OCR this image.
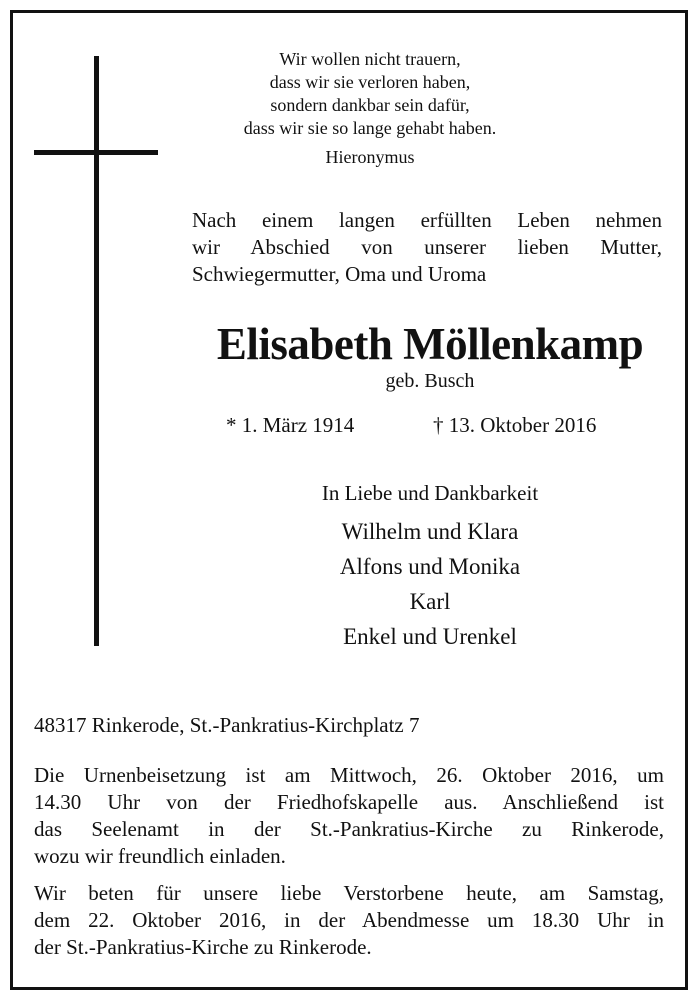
Wir wollen nicht trauern,
dass wir sie verloren haben,
sondern dankbar sein dafür,
dass wir sie so lange gehabt haben.
Hieronymus
Nach einem langen erfüllten Leben nehmen
wir Abschied von unserer lieben Mutter,
Schwiegermutter, Oma und Uroma
Elisabeth Möllenkamp
geb. Busch
* 1. März 1914	† 13. Oktober 2016
In Liebe und Dankbarkeit
Wilhelm und Klara
Alfons und Monika
Karl
Enkel und Urenkel
48317 Rinkerode, St.-Pankratius-Kirchplatz 7
Die Urnenbeisetzung ist am Mittwoch, 26. Oktober 2016, um
14.30 Uhr von der Friedhofskapelle aus. Anschließend ist
das Seelenamt in der St.-Pankratius-Kirche zu Rinkerode,
wozu wir freundlich einladen.
Wir beten für unsere liebe Verstorbene heute, am Samstag,
dem 22. Oktober 2016, in der Abendmesse um 18.30 Uhr in
der St.-Pankratius-Kirche zu Rinkerode.
